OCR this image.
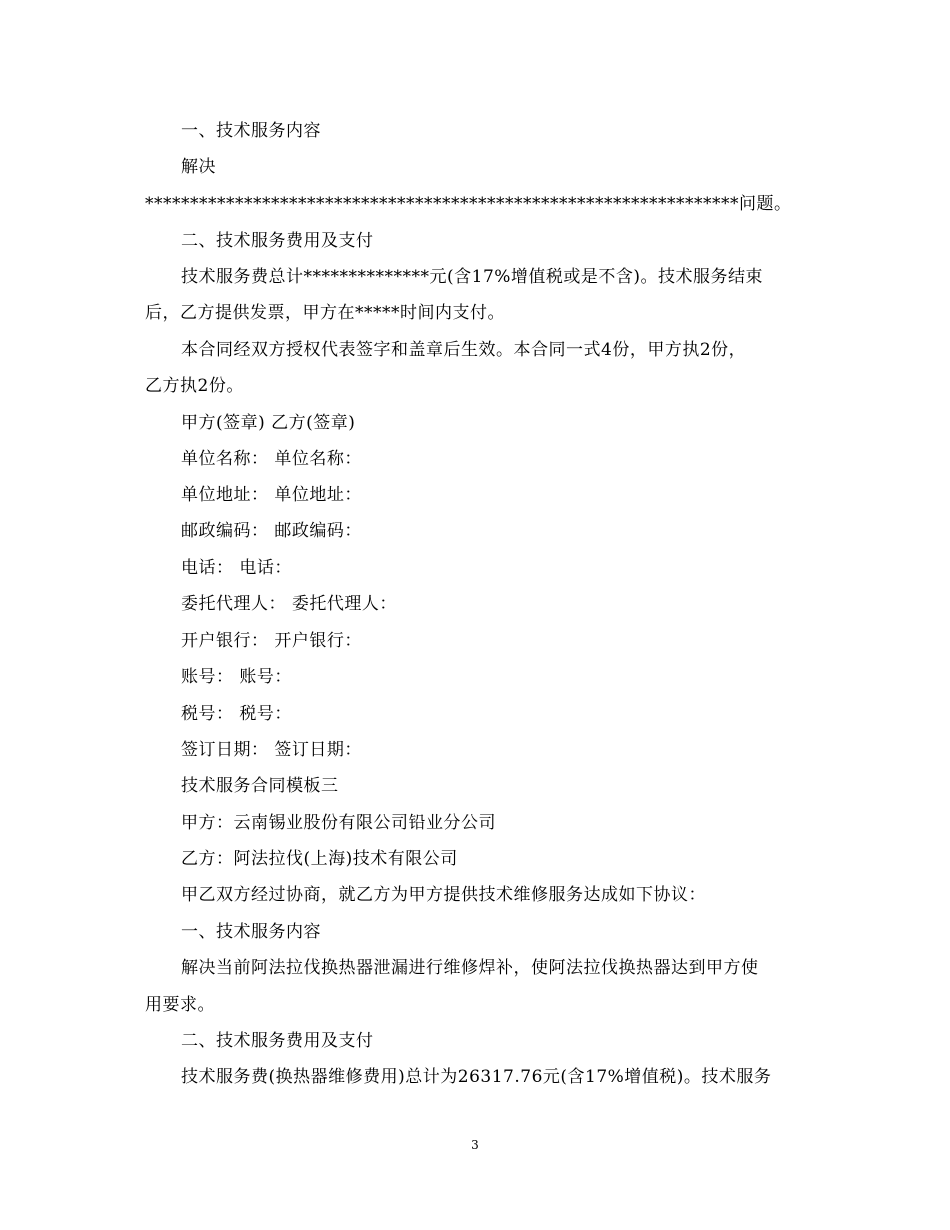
一、技术服务内容
解决
******************************************************************问题。
二、技术服务费用及支付
技术服务费总计**************元(含17%增值税或是不含)。技术服务结束
后，乙方提供发票，甲方在*****时间内支付。
本合同经双方授权代表签字和盖章后生效。本合同一式4份，甲方执2份，
乙方执2份。
甲方(签章) 乙方(签章)
单位名称： 单位名称：
单位地址： 单位地址：
邮政编码： 邮政编码：
电话： 电话：
委托代理人： 委托代理人：
开户银行： 开户银行：
账号： 账号：
税号： 税号：
签订日期： 签订日期：
技术服务合同模板三
甲方：云南锡业股份有限公司铅业分公司
乙方：阿法拉伐(上海)技术有限公司
甲乙双方经过协商，就乙方为甲方提供技术维修服务达成如下协议：
一、技术服务内容
解决当前阿法拉伐换热器泄漏进行维修焊补，使阿法拉伐换热器达到甲方使
用要求。
二、技术服务费用及支付
技术服务费(换热器维修费用)总计为26317.76元(含17%增值税)。技术服务
3
